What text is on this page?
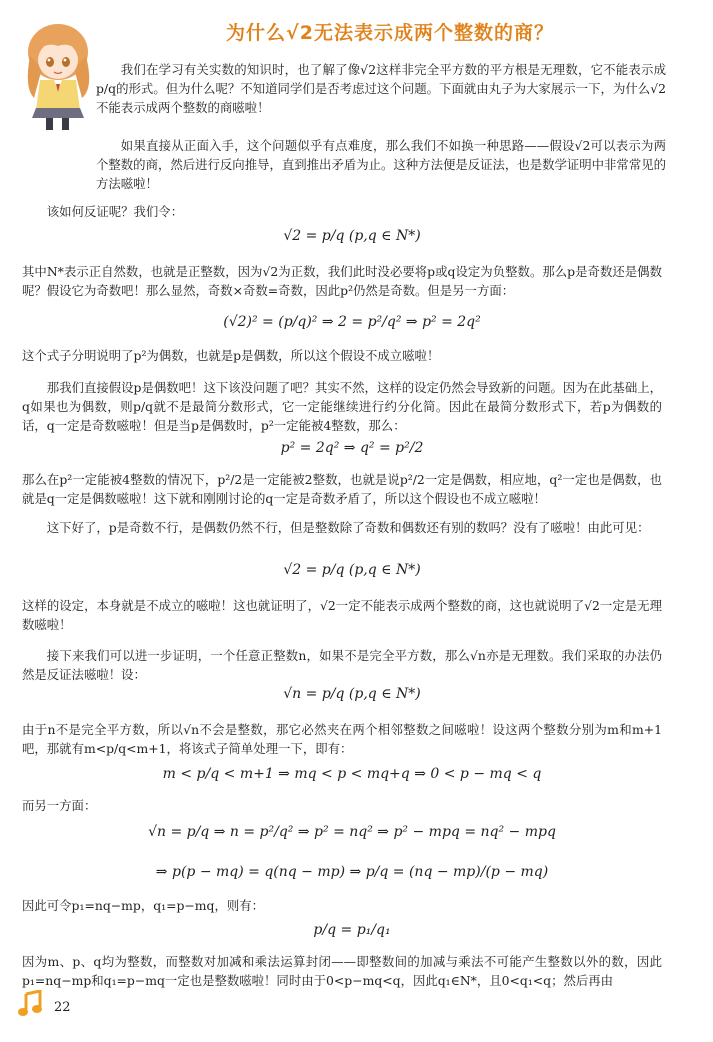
为什么√2无法表示成两个整数的商？

我们在学习有关实数的知识时，也了解了像√2这样非完全平方数的平方根是无理数，它不能表示成p/q的形式。但为什么呢？不知道同学们是否考虑过这个问题。下面就由丸子为大家展示一下，为什么√2不能表示成两个整数的商嗞啦！

如果直接从正面入手，这个问题似乎有点难度，那么我们不如换一种思路——假设√2可以表示为两个整数的商，然后进行反向推导，直到推出矛盾为止。这种方法便是反证法，也是数学证明中非常常见的方法嗞啦！

该如何反证呢？我们令：

√2 = p/q (p,q ∈ N*)

其中N*表示正自然数，也就是正整数，因为√2为正数，我们此时没必要将p或q设定为负整数。那么p是奇数还是偶数呢？假设它为奇数吧！那么显然，奇数×奇数=奇数，因此p²仍然是奇数。但是另一方面：

(√2)² = (p/q)² ⇒ 2 = p²/q² ⇒ p² = 2q²

这个式子分明说明了p²为偶数，也就是p是偶数，所以这个假设不成立嗞啦！

那我们直接假设p是偶数吧！这下该没问题了吧？其实不然，这样的设定仍然会导致新的问题。因为在此基础上，q如果也为偶数，则p/q就不是最简分数形式，它一定能继续进行约分化简。因此在最简分数形式下，若p为偶数的话，q一定是奇数嗞啦！但是当p是偶数时，p²一定能被4整数，那么：

p² = 2q² ⇒ q² = p²/2

那么在p²一定能被4整数的情况下，p²/2是一定能被2整数，也就是说p²/2一定是偶数，相应地，q²一定也是偶数，也就是q一定是偶数嗞啦！这下就和刚刚讨论的q一定是奇数矛盾了，所以这个假设也不成立嗞啦！

这下好了，p是奇数不行，是偶数仍然不行，但是整数除了奇数和偶数还有别的数吗？没有了嗞啦！由此可见：

√2 = p/q (p,q ∈ N*)

这样的设定，本身就是不成立的嗞啦！这也就证明了，√2一定不能表示成两个整数的商，这也就说明了√2一定是无理数嗞啦！

接下来我们可以进一步证明，一个任意正整数n，如果不是完全平方数，那么√n亦是无理数。我们采取的办法仍然是反证法嗞啦！设：

√n = p/q (p,q ∈ N*)

由于n不是完全平方数，所以√n不会是整数，那它必然夹在两个相邻整数之间嗞啦！设这两个整数分别为m和m+1吧，那就有m<p/q<m+1，将该式子简单处理一下，即有：

m < p/q < m+1 ⇒ mq < p < mq+q ⇒ 0 < p − mq < q

而另一方面：

√n = p/q ⇒ n = p²/q² ⇒ p² = nq² ⇒ p² − mpq = nq² − mpq
⇒ p(p − mq) = q(nq − mp) ⇒ p/q = (nq − mp)/(p − mq)

因此可令p₁=nq−mp，q₁=p−mq，则有：

p/q = p₁/q₁

因为m、p、q均为整数，而整数对加减和乘法运算封闭——即整数间的加减与乘法不可能产生整数以外的数，因此p₁=nq−mp和q₁=p−mq一定也是整数嗞啦！同时由于0<p−mq<q，因此q₁∈N*，且0<q₁<q；然后再由

22
